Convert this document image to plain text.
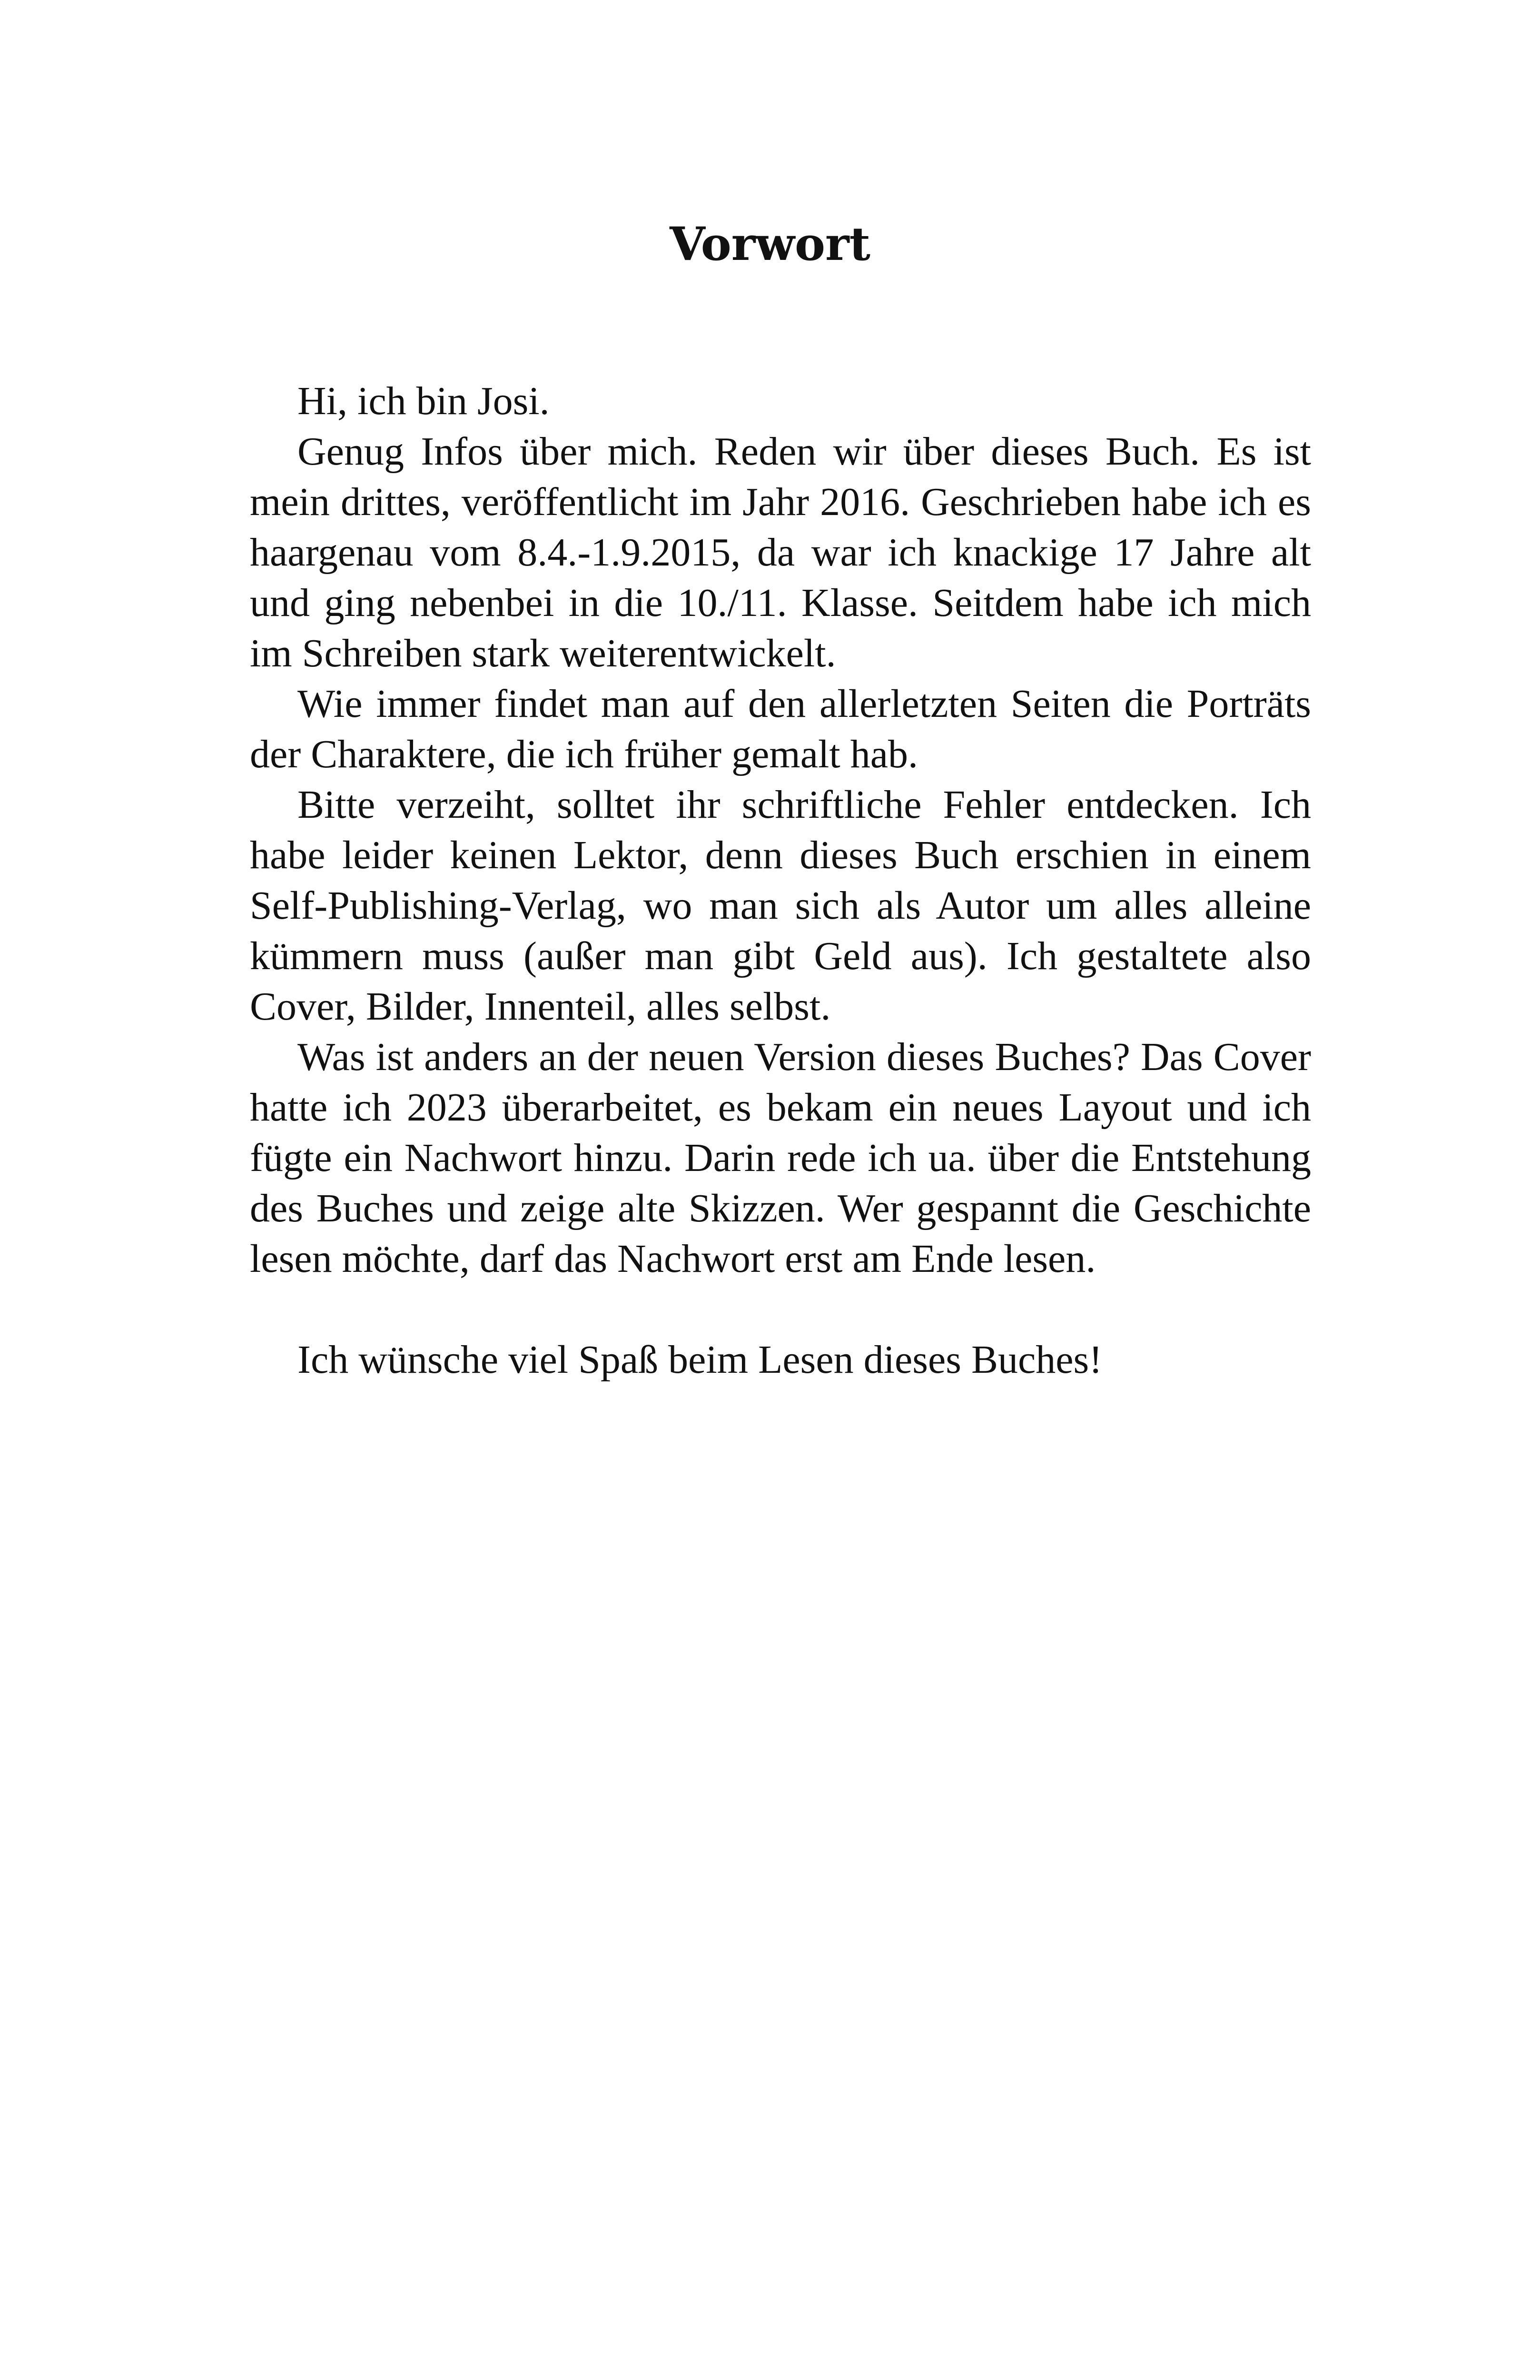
Vorwort

Hi, ich bin Josi.

Genug Infos über mich. Reden wir über dieses Buch. Es ist mein drittes, veröffentlicht im Jahr 2016. Geschrieben habe ich es haargenau vom 8.4.-1.9.2015, da war ich knackige 17 Jahre alt und ging nebenbei in die 10./11. Klasse. Seitdem habe ich mich im Schreiben stark weiterentwickelt.

Wie immer findet man auf den allerletzten Seiten die Porträts der Charaktere, die ich früher gemalt hab.

Bitte verzeiht, solltet ihr schriftliche Fehler entdecken. Ich habe leider keinen Lektor, denn dieses Buch erschien in einem Self-Publishing-Verlag, wo man sich als Autor um alles alleine kümmern muss (außer man gibt Geld aus). Ich gestaltete also Cover, Bilder, Innenteil, alles selbst.

Was ist anders an der neuen Version dieses Buches? Das Cover hatte ich 2023 überarbeitet, es bekam ein neues Layout und ich fügte ein Nachwort hinzu. Darin rede ich ua. über die Entstehung des Buches und zeige alte Skizzen. Wer gespannt die Geschichte lesen möchte, darf das Nachwort erst am Ende lesen.

Ich wünsche viel Spaß beim Lesen dieses Buches!
